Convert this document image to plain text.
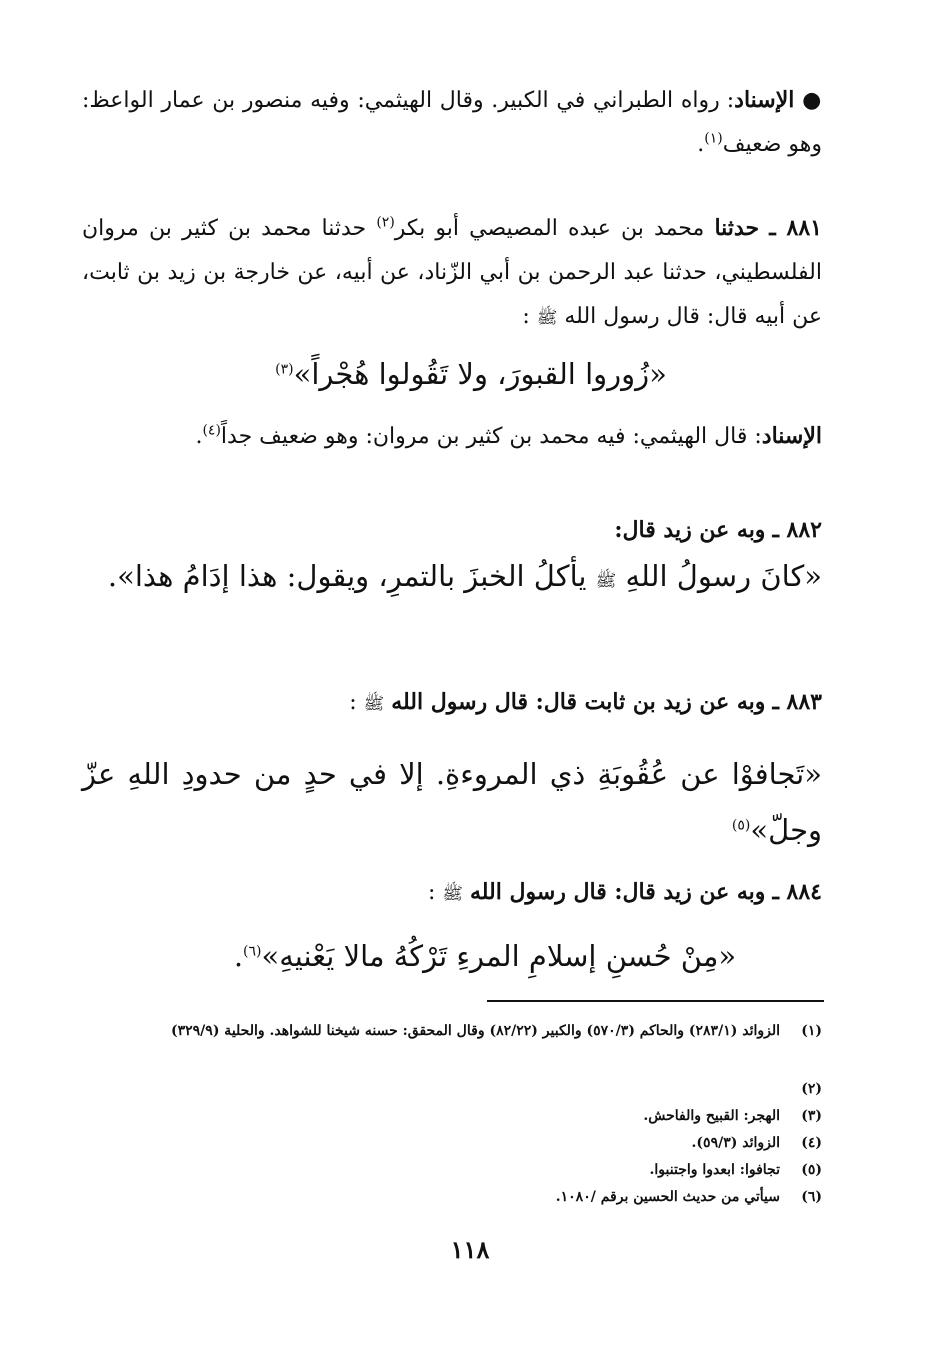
● الإسناد: رواه الطبراني في الكبير. وقال الهيثمي: وفيه منصور بن عمار الواعظ: وهو ضعيف$^{(١)}$.
٨٨١ ـ حدثنا محمد بن عبده المصيصي أبو بكر$^{(٢)}$ حدثنا محمد بن كثير بن مروان الفلسطيني، حدثنا عبد الرحمن بن أبي الزّناد، عن أبيه، عن خارجة بن زيد بن ثابت، عن أبيه قال: قال رسول الله ﷺ :
«زُوروا القبورَ، ولا تَقُولوا هُجْراً»$^{(٣)}$
الإسناد: قال الهيثمي: فيه محمد بن كثير بن مروان: وهو ضعيف جداً$^{(٤)}$.
٨٨٢ ـ وبه عن زيد قال:
«كانَ رسولُ اللهِ ﷺ يأكلُ الخبزَ بالتمرِ، ويقول: هذا إدَامُ هذا».
٨٨٣ ـ وبه عن زيد بن ثابت قال: قال رسول الله ﷺ :
«تَجافوْا عن عُقُوبَةِ ذي المروءةِ. إلا في حدٍ من حدودِ اللهِ عزّ وجلّ»$^{(٥)}$
٨٨٤ ـ وبه عن زيد قال: قال رسول الله ﷺ :
«مِنْ حُسنِ إسلامِ المرءِ تَرْكُهُ مالا يَعْنيهِ»$^{(٦)}$.
(١)الزوائد (٢٨٣/١) والحاكم (٥٧٠/٣) والكبير (٨٢/٢٢) وقال المحقق: حسنه شيخنا للشواهد. والحلية (٣٢٩/٩)
(٢)
(٣)الهجر: القبيح والفاحش.
(٤)الزوائد (٥٩/٣).
(٥)تجافوا: ابعدوا واجتنبوا.
(٦)سيأتي من حديث الحسين برقم /١٠٨٠.
١١٨
